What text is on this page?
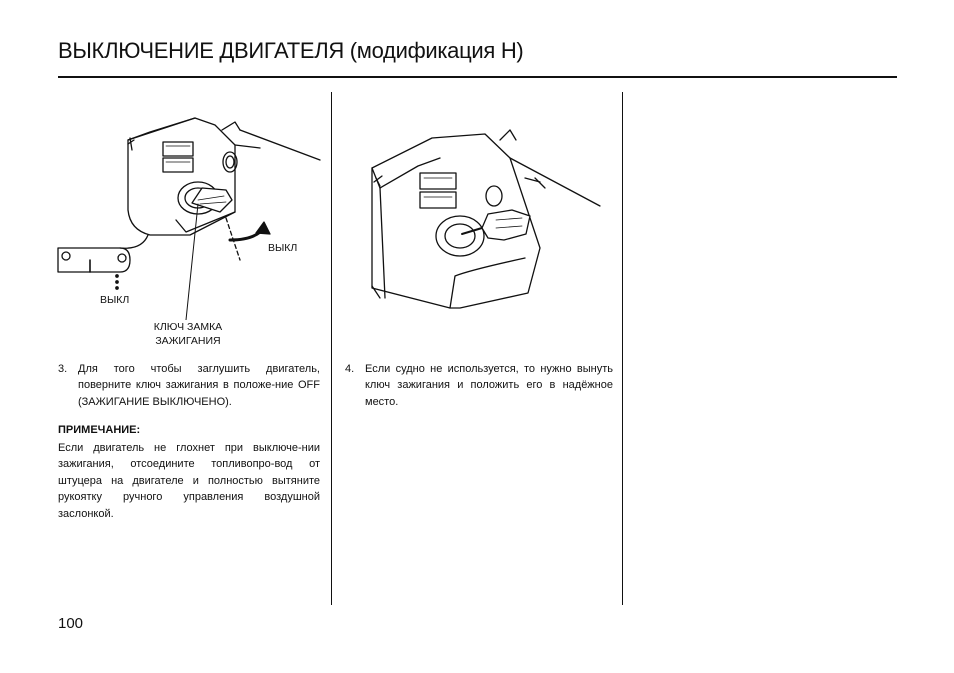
ВЫКЛЮЧЕНИЕ ДВИГАТЕЛЯ (модификация Н)
ВЫКЛ
ВЫКЛ
КЛЮЧ ЗАМКА
ЗАЖИГАНИЯ
3. Для того чтобы заглушить двигатель, поверните ключ зажигания в положе-ние OFF (ЗАЖИГАНИЕ ВЫКЛЮЧЕНО).
ПРИМЕЧАНИЕ:
Если двигатель не глохнет при выключе-нии зажигания, отсоедините топливопро-вод от штуцера на двигателе и полностью вытяните рукоятку ручного управления воздушной заслонкой.
4. Если судно не используется, то нужно вынуть ключ зажигания и положить его в надёжное место.
100
